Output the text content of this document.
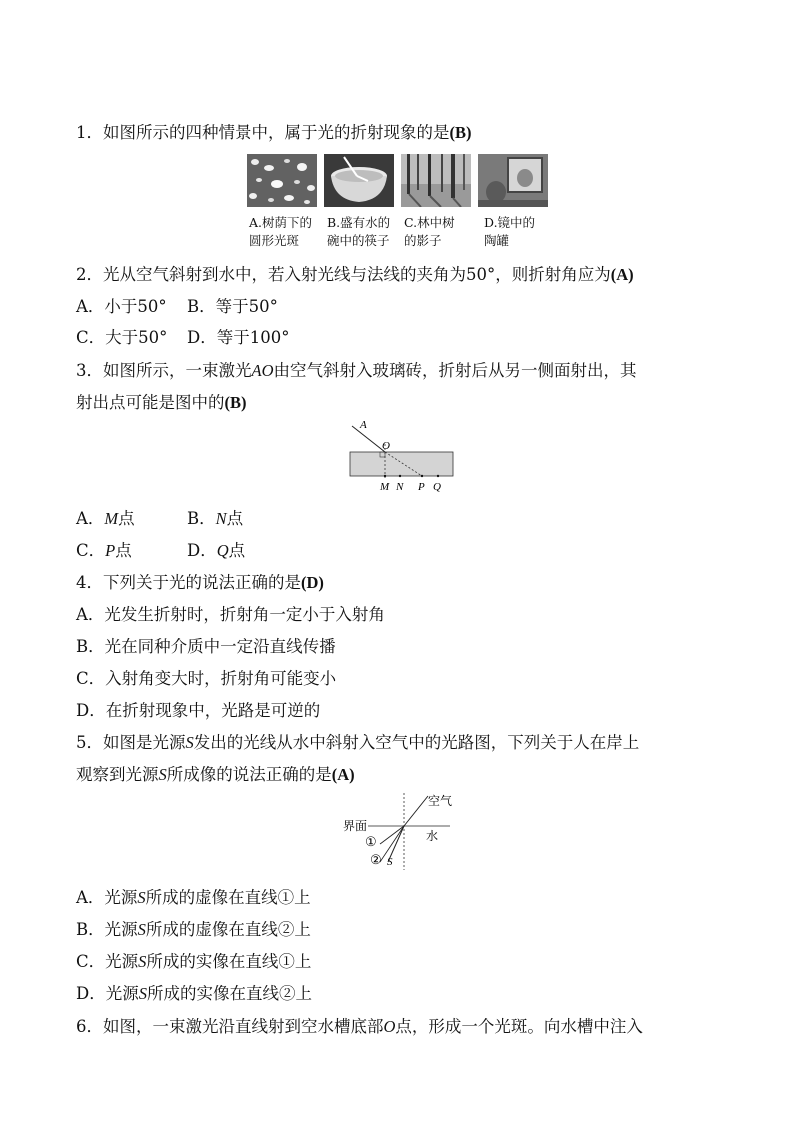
1．如图所示的四种情景中，属于光的折射现象的是(B)
A.树荫下的
圆形光斑
B.盛有水的
碗中的筷子
C.林中树
的影子
D.镜中的
陶罐
2．光从空气斜射到水中，若入射光线与法线的夹角为50°，则折射角应为(A)
A．小于50° B．等于50°
C．大于50° D．等于100°
3．如图所示，一束激光AO由空气斜射入玻璃砖，折射后从另一侧面射出，其
射出点可能是图中的(B)
A
O
M N P Q
A．M点	B．N点
C．P点	D．Q点
4．下列关于光的说法正确的是(D)
A．光发生折射时，折射角一定小于入射角
B．光在同种介质中一定沿直线传播
C．入射角变大时，折射角可能变小
D．在折射现象中，光路是可逆的
5．如图是光源S发出的光线从水中斜射入空气中的光路图，下列关于人在岸上
观察到光源S所成像的说法正确的是(A)
空气
界面
水
①
② S
A．光源S所成的虚像在直线①上
B．光源S所成的虚像在直线②上
C．光源S所成的实像在直线①上
D．光源S所成的实像在直线②上
6．如图，一束激光沿直线射到空水槽底部O点，形成一个光斑。向水槽中注入
